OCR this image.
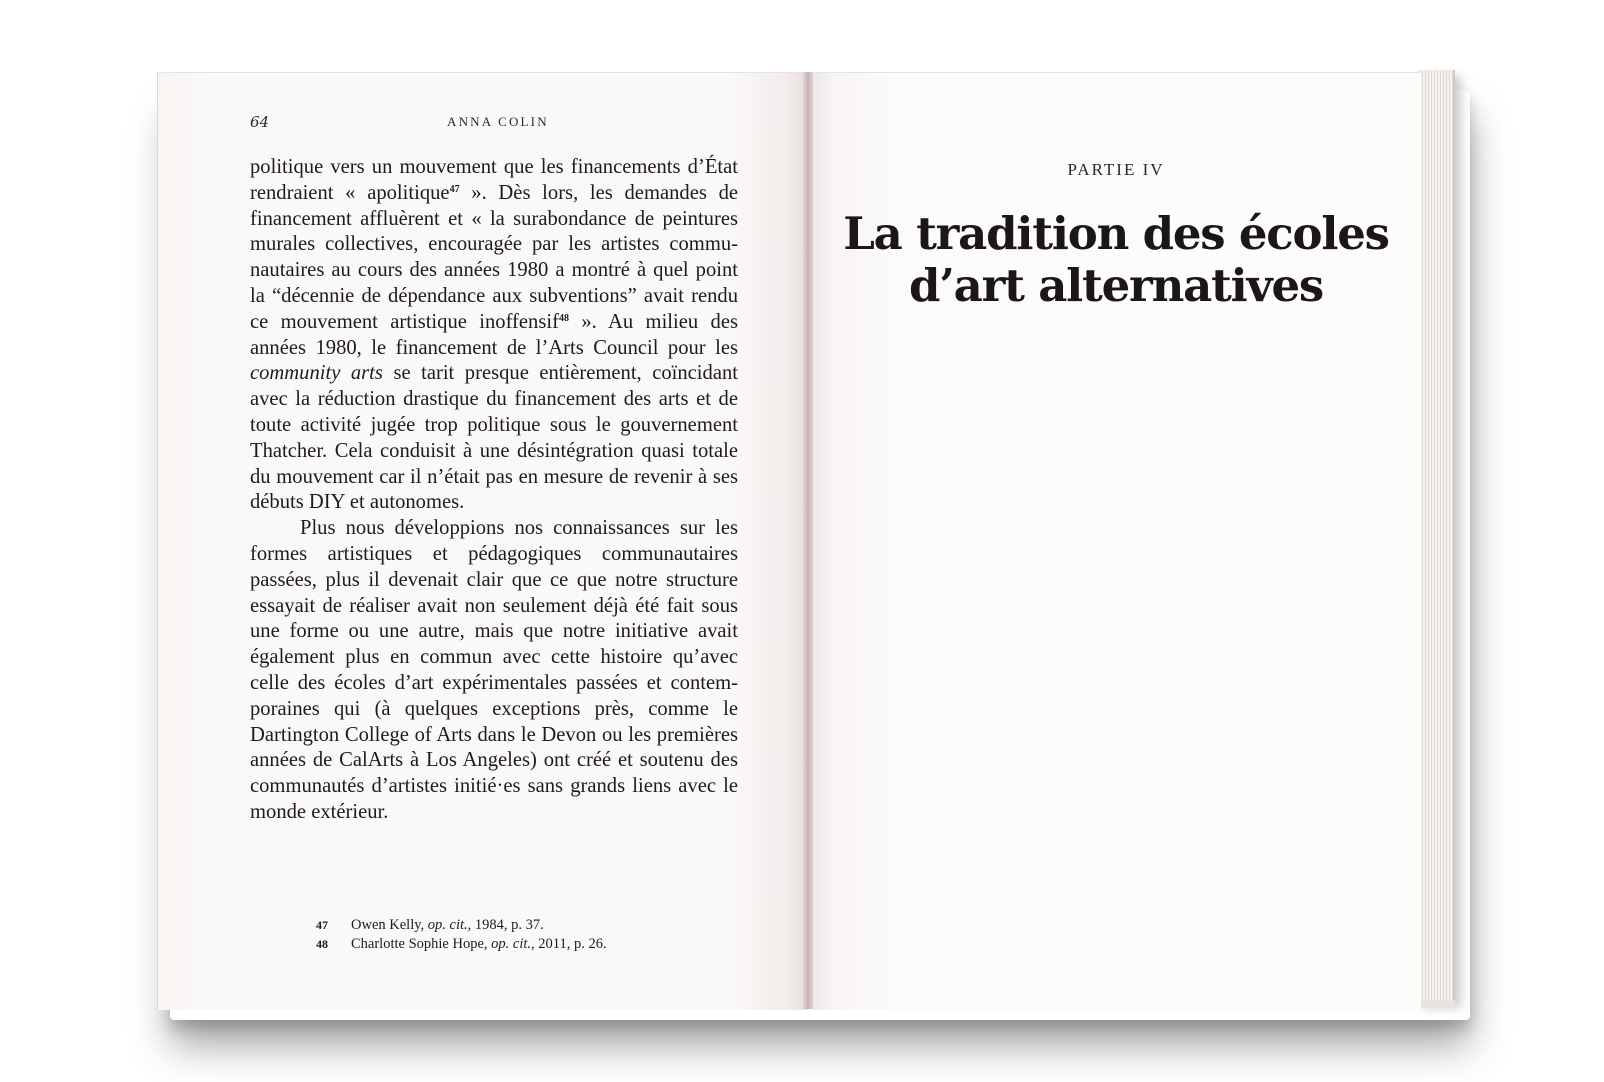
64	ANNA COLIN

politique vers un mouvement que les financements d’État
rendraient « apolitique$^{47}$ ». Dès lors, les demandes de
financement affluèrent et « la surabondance de peintures
murales collectives, encouragée par les artistes commu-
nautaires au cours des années 1980 a montré à quel point
la “décennie de dépendance aux subventions” avait rendu
ce mouvement artistique inoffensif$^{48}$ ». Au milieu des
années 1980, le financement de l’Arts Council pour les
community arts se tarit presque entièrement, coïncidant
avec la réduction drastique du financement des arts et de
toute activité jugée trop politique sous le gouvernement
Thatcher. Cela conduisit à une désintégration quasi totale
du mouvement car il n’était pas en mesure de revenir à ses
débuts DIY et autonomes.

Plus nous développions nos connaissances sur les
formes artistiques et pédagogiques communautaires
passées, plus il devenait clair que ce que notre structure
essayait de réaliser avait non seulement déjà été fait sous
une forme ou une autre, mais que notre initiative avait
également plus en commun avec cette histoire qu’avec
celle des écoles d’art expérimentales passées et contem-
poraines qui (à quelques exceptions près, comme le
Dartington College of Arts dans le Devon ou les premières
années de CalArts à Los Angeles) ont créé et soutenu des
communautés d’artistes initié·es sans grands liens avec le
monde extérieur.
47	Owen Kelly, op. cit., 1984, p. 37.
48	Charlotte Sophie Hope, op. cit., 2011, p. 26.
PARTIE IV
La tradition des écoles
d’art alternatives
